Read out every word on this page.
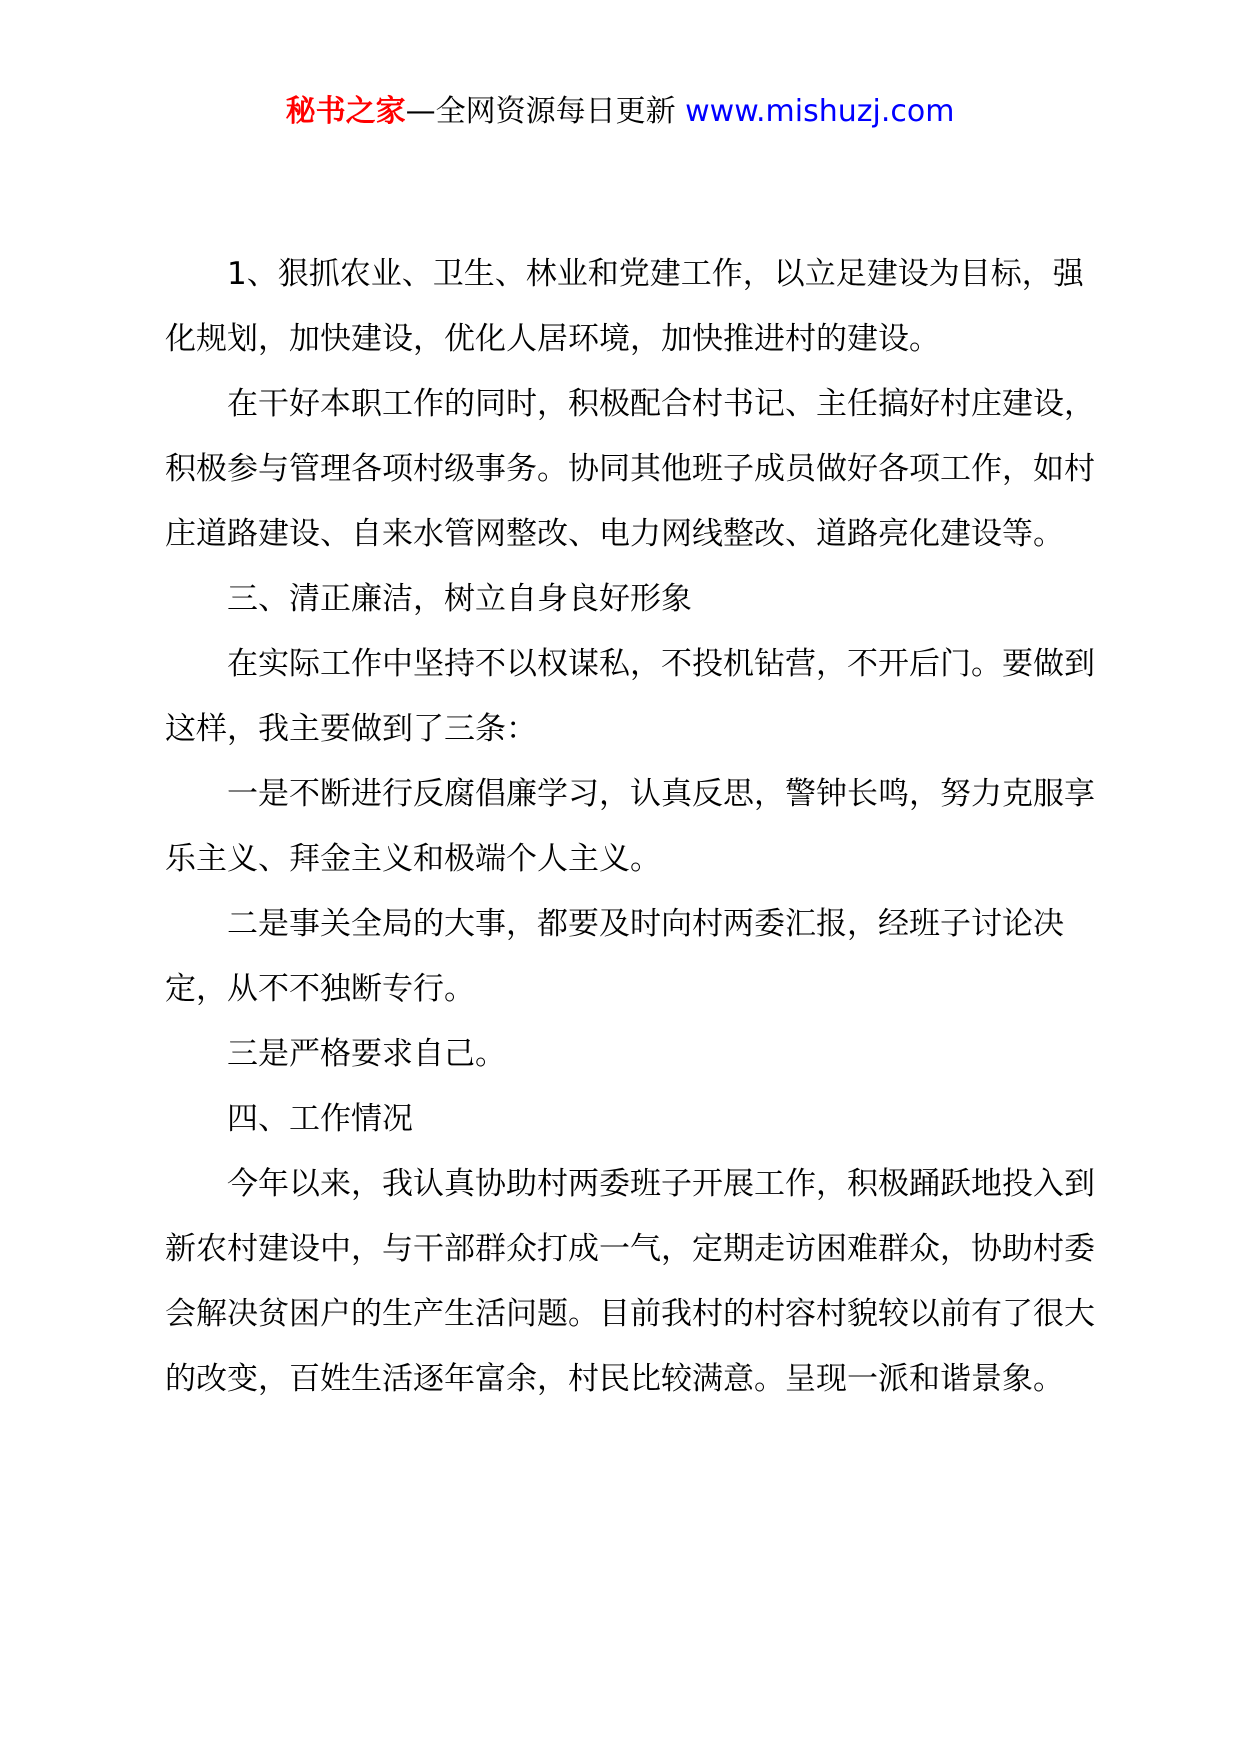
秘书之家—全网资源每日更新 www.mishuzj.com

1、狠抓农业、卫生、林业和党建工作，以立足建设为目标，强化规划，加快建设，优化人居环境，加快推进村的建设。

在干好本职工作的同时，积极配合村书记、主任搞好村庄建设，积极参与管理各项村级事务。协同其他班子成员做好各项工作，如村庄道路建设、自来水管网整改、电力网线整改、道路亮化建设等。

三、清正廉洁，树立自身良好形象

在实际工作中坚持不以权谋私，不投机钻营，不开后门。要做到这样，我主要做到了三条：

一是不断进行反腐倡廉学习，认真反思，警钟长鸣，努力克服享乐主义、拜金主义和极端个人主义。

二是事关全局的大事，都要及时向村两委汇报，经班子讨论决定，从不不独断专行。

三是严格要求自己。

四、工作情况

今年以来，我认真协助村两委班子开展工作，积极踊跃地投入到新农村建设中，与干部群众打成一气，定期走访困难群众，协助村委会解决贫困户的生产生活问题。目前我村的村容村貌较以前有了很大的改变，百姓生活逐年富余，村民比较满意。呈现一派和谐景象。
